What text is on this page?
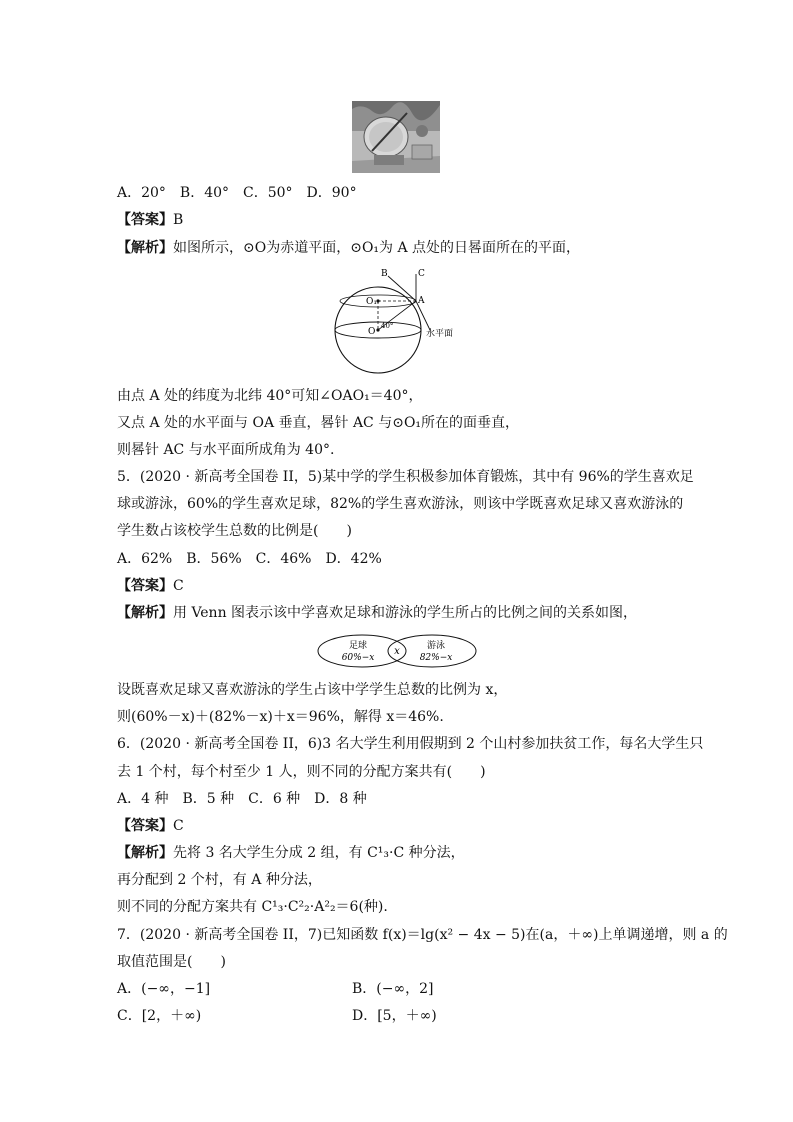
A．20°　B．40°　C．50°　D．90°
【答案】B
【解析】如图所示，⊙O为赤道平面，⊙O₁为 A 点处的日晷面所在的平面，
B	C
A
O₁
O
40°
水平面
由点 A 处的纬度为北纬 40°可知∠OAO₁＝40°，
又点 A 处的水平面与 OA 垂直，晷针 AC 与⊙O₁所在的面垂直，
则晷针 AC 与水平面所成角为 40°.
5．(2020 · 新高考全国卷 II，5)某中学的学生积极参加体育锻炼，其中有 96%的学生喜欢足
球或游泳，60%的学生喜欢足球，82%的学生喜欢游泳，则该中学既喜欢足球又喜欢游泳的
学生数占该校学生总数的比例是(　　)
A．62%　B．56%　C．46%　D．42%
【答案】C
【解析】用 Venn 图表示该中学喜欢足球和游泳的学生所占的比例之间的关系如图，
足球
60%−x
x	游泳
82%−x
设既喜欢足球又喜欢游泳的学生占该中学学生总数的比例为 x，
则(60%－x)＋(82%－x)＋x＝96%，解得 x＝46%.
6．(2020 · 新高考全国卷 II，6)3 名大学生利用假期到 2 个山村参加扶贫工作，每名大学生只
去 1 个村，每个村至少 1 人，则不同的分配方案共有(　　)
A．4 种　B．5 种　C．6 种　D．8 种
【答案】C
【解析】先将 3 名大学生分成 2 组，有 C¹₃·C 种分法，
再分配到 2 个村，有 A 种分法，
则不同的分配方案共有 C¹₃·C²₂·A²₂＝6(种).
7．(2020 · 新高考全国卷 II，7)已知函数 f(x)＝lg(x² − 4x − 5)在(a，＋∞)上单调递增，则 a 的
取值范围是(　　)
A．(−∞，−1]	B．(−∞，2]
C．[2，＋∞)	D．[5，＋∞)
